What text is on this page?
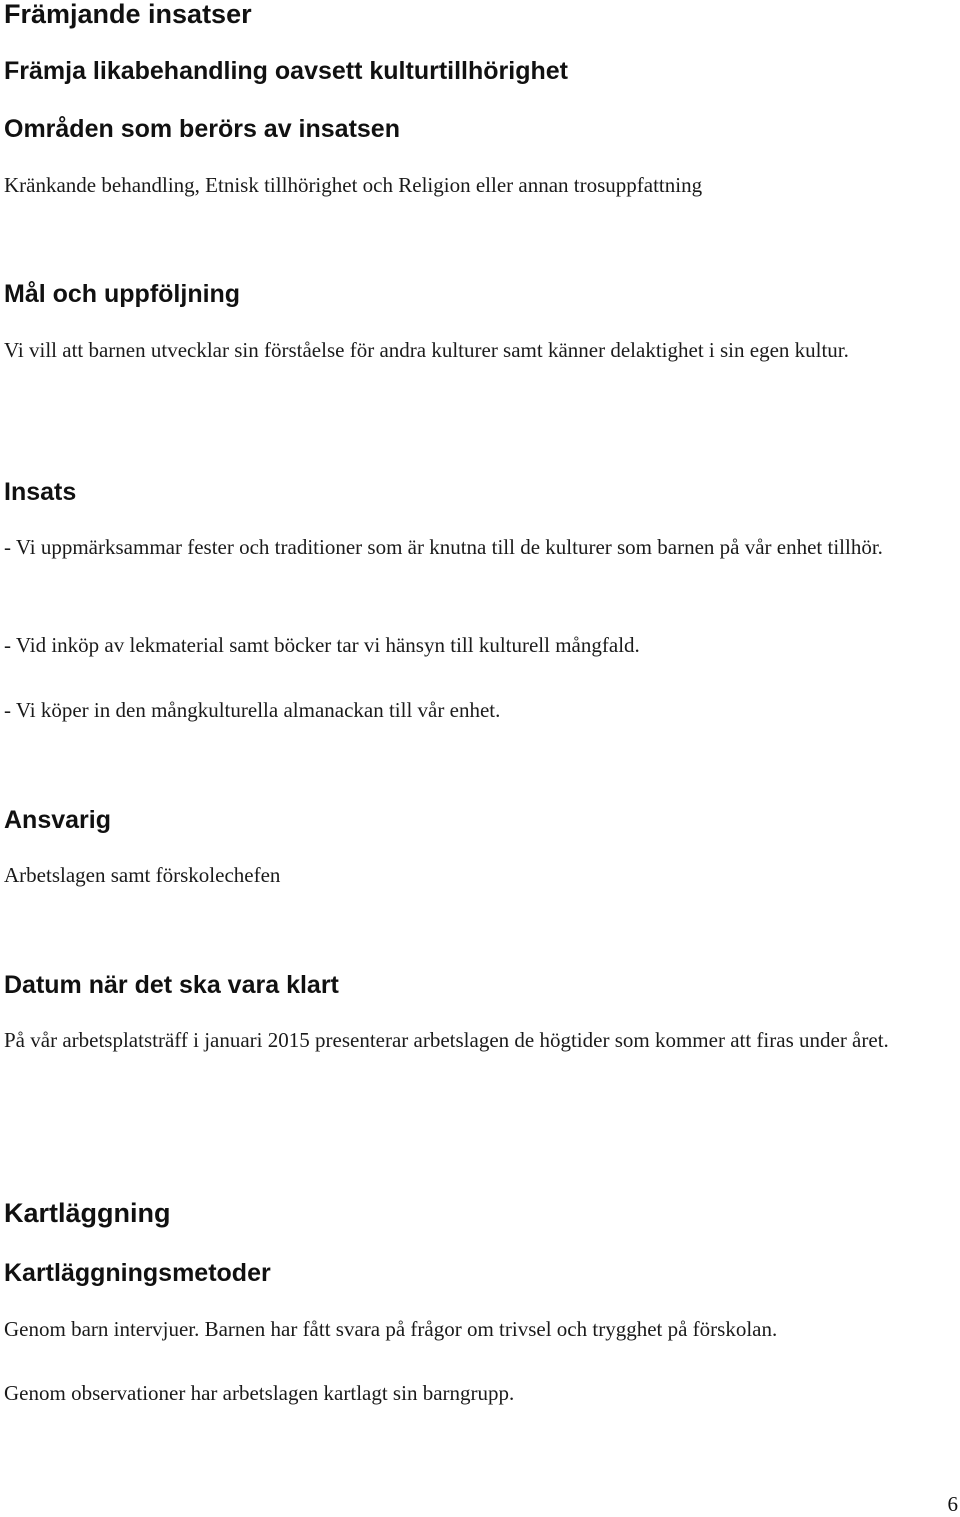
Främjande insatser
Främja likabehandling oavsett kulturtillhörighet
Områden som berörs av insatsen

Kränkande behandling, Etnisk tillhörighet och Religion eller annan trosuppfattning

Mål och uppföljning

Vi vill att barnen utvecklar sin förståelse för andra kulturer samt känner delaktighet i sin egen kultur.

Insats

- Vi uppmärksammar fester och traditioner som är knutna till de kulturer som barnen på vår enhet tillhör.

- Vid inköp av lekmaterial samt böcker tar vi hänsyn till kulturell mångfald.

- Vi köper in den mångkulturella almanackan till vår enhet.

Ansvarig

Arbetslagen samt förskolechefen

Datum när det ska vara klart

På vår arbetsplatsträff i januari 2015 presenterar arbetslagen de högtider som kommer att firas under året.

Kartläggning
Kartläggningsmetoder

Genom barn intervjuer. Barnen har fått svara på frågor om trivsel och trygghet på förskolan.

Genom observationer har arbetslagen kartlagt sin barngrupp.

6
